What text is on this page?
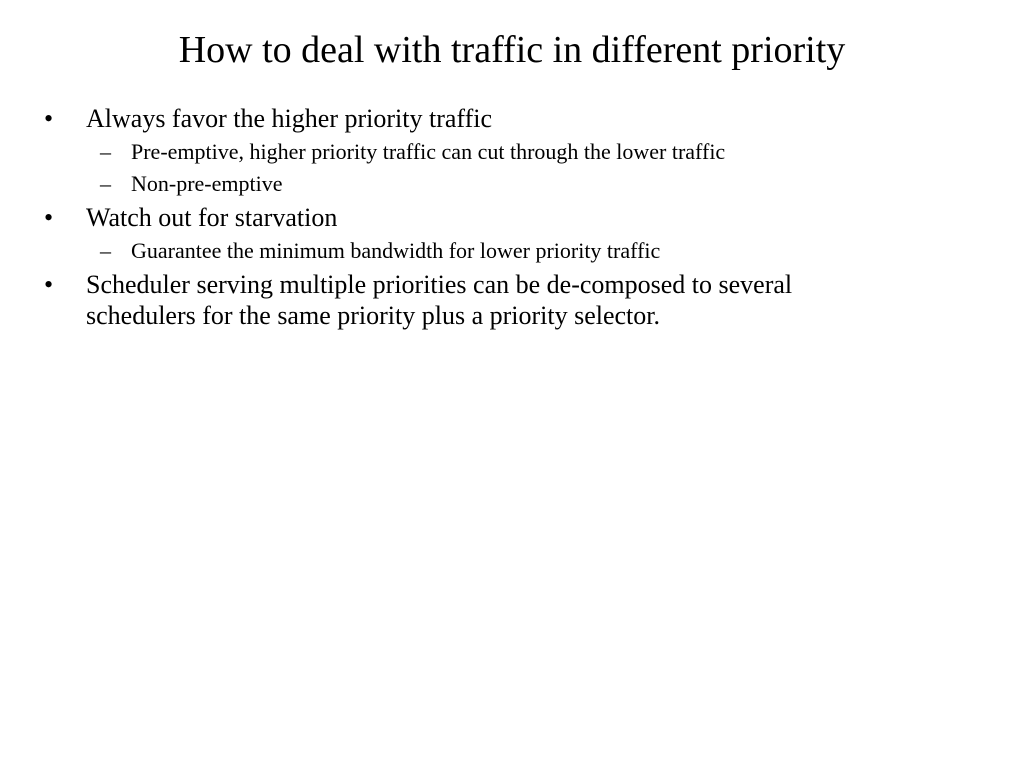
How to deal with traffic in different priority
• Always favor the higher priority traffic
– Pre-emptive, higher priority traffic can cut through the lower traffic
– Non-pre-emptive
• Watch out for starvation
– Guarantee the minimum bandwidth for lower priority traffic
• Scheduler serving multiple priorities can be de-composed to several schedulers for the same priority plus a priority selector.
